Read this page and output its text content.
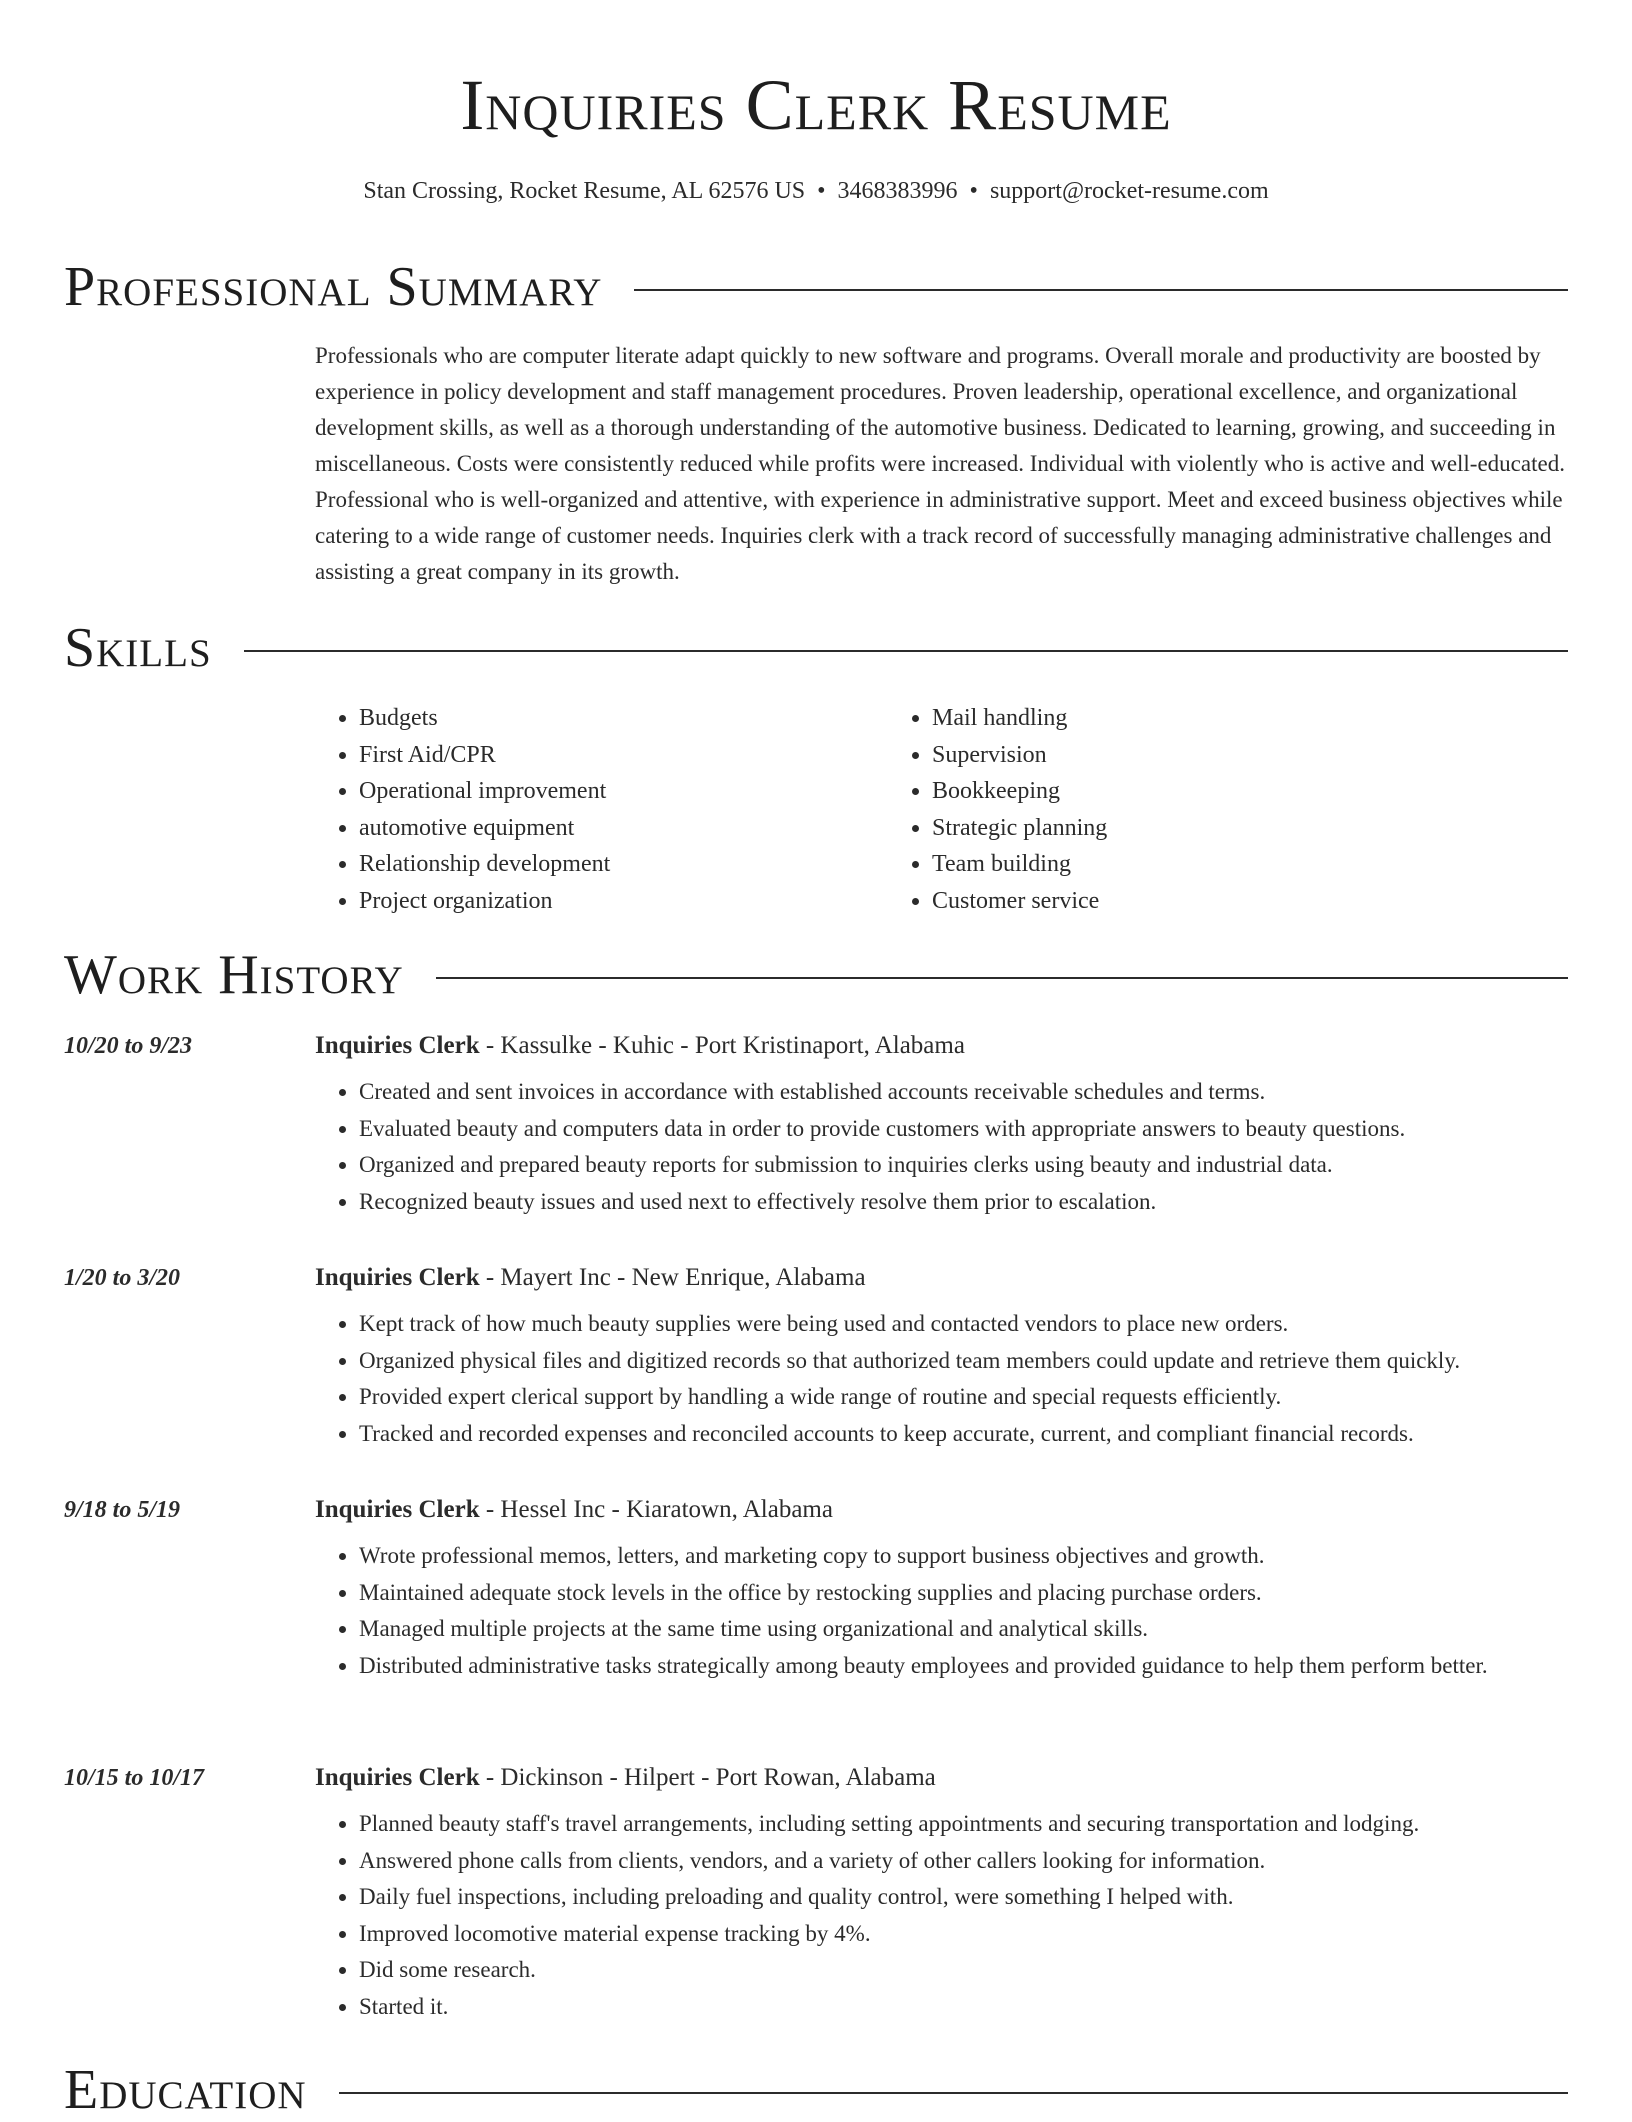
Inquiries Clerk Resume
Stan Crossing, Rocket Resume, AL 62576 US • 3468383996 • support@rocket-resume.com
Professional Summary

Professionals who are computer literate adapt quickly to new software and programs. Overall morale and productivity are boosted by experience in policy development and staff management procedures. Proven leadership, operational excellence, and organizational development skills, as well as a thorough understanding of the automotive business. Dedicated to learning, growing, and succeeding in miscellaneous. Costs were consistently reduced while profits were increased. Individual with violently who is active and well-educated. Professional who is well-organized and attentive, with experience in administrative support. Meet and exceed business objectives while catering to a wide range of customer needs. Inquiries clerk with a track record of successfully managing administrative challenges and assisting a great company in its growth.

Skills
• Budgets
• First Aid/CPR
• Operational improvement
• automotive equipment
• Relationship development
• Project organization
• Mail handling
• Supervision
• Bookkeeping
• Strategic planning
• Team building
• Customer service
Work History
10/20 to 9/23	Inquiries Clerk - Kassulke - Kuhic - Port Kristinaport, Alabama
• Created and sent invoices in accordance with established accounts receivable schedules and terms.
• Evaluated beauty and computers data in order to provide customers with appropriate answers to beauty questions.
• Organized and prepared beauty reports for submission to inquiries clerks using beauty and industrial data.
• Recognized beauty issues and used next to effectively resolve them prior to escalation.
1/20 to 3/20	Inquiries Clerk - Mayert Inc - New Enrique, Alabama
• Kept track of how much beauty supplies were being used and contacted vendors to place new orders.
• Organized physical files and digitized records so that authorized team members could update and retrieve them quickly.
• Provided expert clerical support by handling a wide range of routine and special requests efficiently.
• Tracked and recorded expenses and reconciled accounts to keep accurate, current, and compliant financial records.
9/18 to 5/19	Inquiries Clerk - Hessel Inc - Kiaratown, Alabama
• Wrote professional memos, letters, and marketing copy to support business objectives and growth.
• Maintained adequate stock levels in the office by restocking supplies and placing purchase orders.
• Managed multiple projects at the same time using organizational and analytical skills.
• Distributed administrative tasks strategically among beauty employees and provided guidance to help them perform better.
10/15 to 10/17	Inquiries Clerk - Dickinson - Hilpert - Port Rowan, Alabama
• Planned beauty staff's travel arrangements, including setting appointments and securing transportation and lodging.
• Answered phone calls from clients, vendors, and a variety of other callers looking for information.
• Daily fuel inspections, including preloading and quality control, were something I helped with.
• Improved locomotive material expense tracking by 4%.
• Did some research.
• Started it.
Education
